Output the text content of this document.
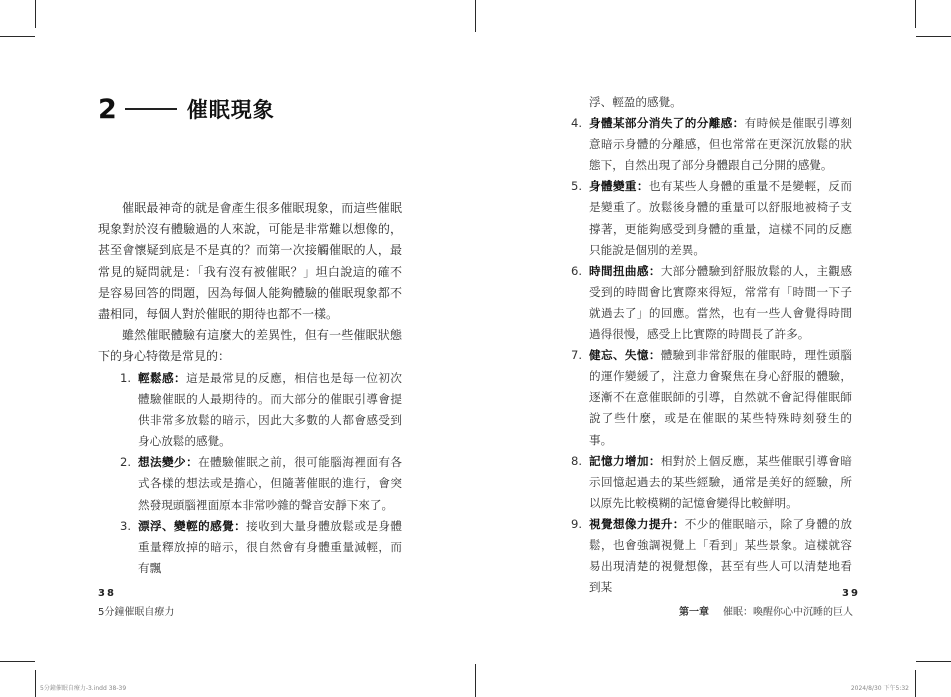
2	催眠現象

催眠最神奇的就是會產生很多催眠現象，而這些催眠現象對於沒有體驗過的人來說，可能是非常難以想像的，甚至會懷疑到底是不是真的？而第一次接觸催眠的人，最常見的疑問就是：「我有沒有被催眠？」坦白說這的確不是容易回答的問題，因為每個人能夠體驗的催眠現象都不盡相同，每個人對於催眠的期待也都不一樣。

雖然催眠體驗有這麼大的差異性，但有一些催眠狀態下的身心特徵是常見的：

1. 輕鬆感：這是最常見的反應，相信也是每一位初次體驗催眠的人最期待的。而大部分的催眠引導會提供非常多放鬆的暗示，因此大多數的人都會感受到身心放鬆的感覺。
2. 想法變少：在體驗催眠之前，很可能腦海裡面有各式各樣的想法或是擔心，但隨著催眠的進行，會突然發現頭腦裡面原本非常吵雜的聲音安靜下來了。
3. 漂浮、變輕的感覺：接收到大量身體放鬆或是身體重量釋放掉的暗示，很自然會有身體重量減輕，而有飄
38
5分鐘催眠自療力
5分鐘催眠自療力-3.indd 38-39
浮、輕盈的感覺。
4. 身體某部分消失了的分離感：有時候是催眠引導刻意暗示身體的分離感，但也常常在更深沉放鬆的狀態下，自然出現了部分身體跟自己分開的感覺。
5. 身體變重：也有某些人身體的重量不是變輕，反而是變重了。放鬆後身體的重量可以舒服地被椅子支撐著，更能夠感受到身體的重量，這樣不同的反應只能說是個別的差異。
6. 時間扭曲感：大部分體驗到舒服放鬆的人，主觀感受到的時間會比實際來得短，常常有「時間一下子就過去了」的回應。當然，也有一些人會覺得時間過得很慢，感受上比實際的時間長了許多。
7. 健忘、失憶：體驗到非常舒服的催眠時，理性頭腦的運作變緩了，注意力會聚焦在身心舒服的體驗，逐漸不在意催眠師的引導，自然就不會記得催眠師說了些什麼，或是在催眠的某些特殊時刻發生的事。
8. 記憶力增加：相對於上個反應，某些催眠引導會暗示回憶起過去的某些經驗，通常是美好的經驗，所以原先比較模糊的記憶會變得比較鮮明。
9. 視覺想像力提升：不少的催眠暗示，除了身體的放鬆，也會強調視覺上「看到」某些景象。這樣就容易出現清楚的視覺想像，甚至有些人可以清楚地看到某	39
第一章 催眠：喚醒你心中沉睡的巨人
2024/8/30 下午5:32
